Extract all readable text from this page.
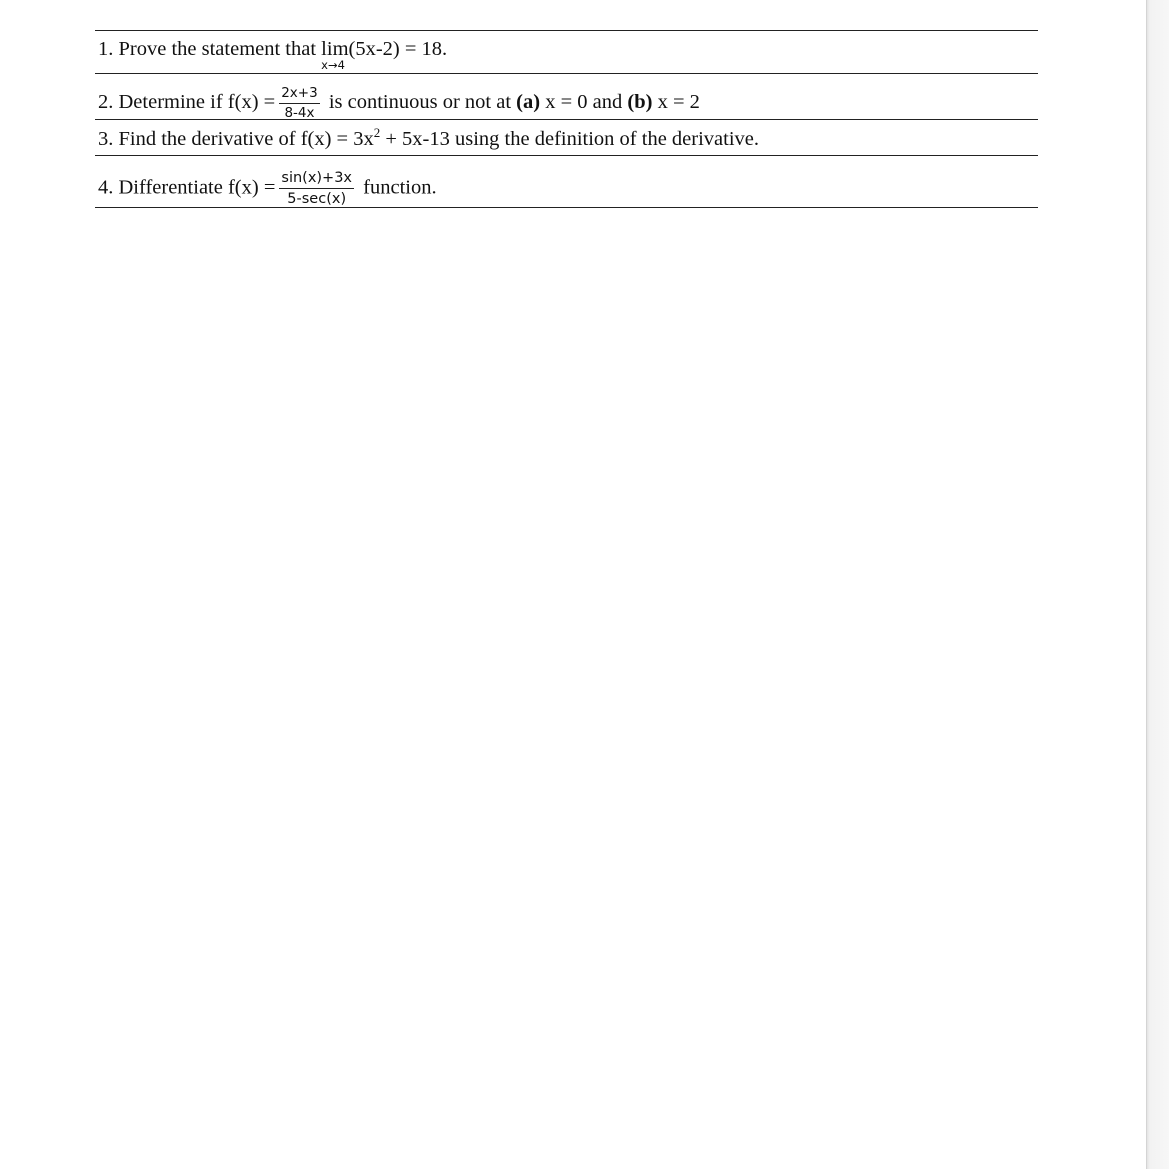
1. Prove the statement that lim
x→4
(5x-2) = 18.
2. Determine if $f(x) = \frac{2x+3}{8-4x}$ is continuous or not at (a) x = 0 and (b) x = 2
3. Find the derivative of $f(x) = 3x^2 + 5x-13$ using the definition of the derivative.
4. Differentiate $f(x) = \frac{\sin(x)+3x}{5-\sec(x)}$ function.
